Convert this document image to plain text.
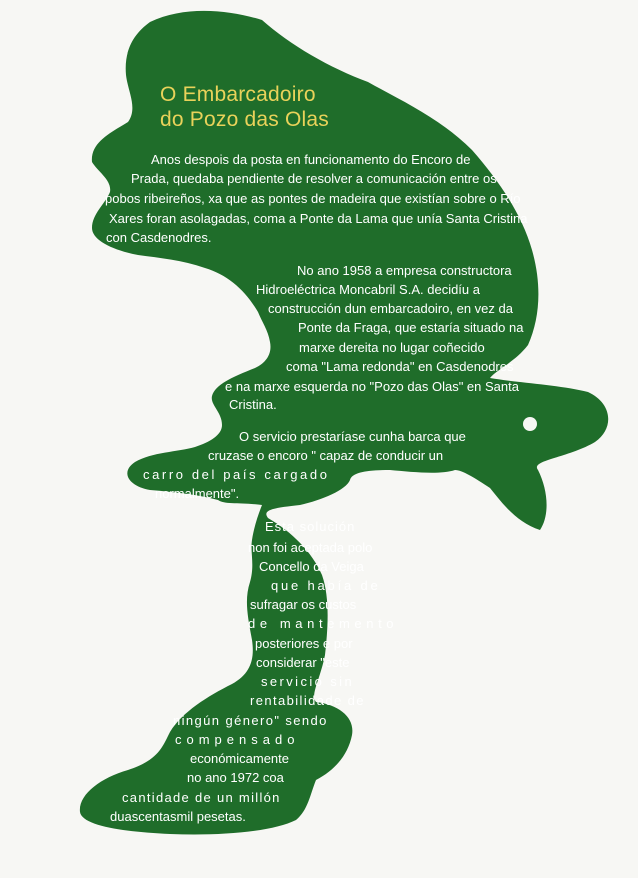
O Embarcadoiro
do Pozo das Olas
Anos despois da posta en funcionamento do Encoro de
Prada, quedaba pendiente de resolver a comunicación entre os
pobos ribeireños, xa que as pontes de madeira que existían sobre o Río
Xares foran asolagadas, coma a Ponte da Lama que unía Santa Cristina
con Casdenodres.
No ano 1958 a empresa constructora
Hidroeléctrica Moncabril S.A. decidíu a
construcción dun embarcadoiro, en vez da
Ponte da Fraga, que estaría situado na
marxe dereita no lugar coñecido
coma "Lama redonda" en Casdenodres
e na marxe esquerda no "Pozo das Olas" en Santa
Cristina.
O servicio prestaríase cunha barca que
cruzase o encoro " capaz de conducir un
carro del país cargado
normalmente".
Esta solución
non foi aceptada polo
Concello da Veiga
que había de
sufragar os custos
de mantemento
posteriores e por
considerar "este
servicio sin
rentabilidade de
ningún género" sendo
compensado
económicamente
no ano 1972 coa
cantidade de un millón
duascentasmil pesetas.
